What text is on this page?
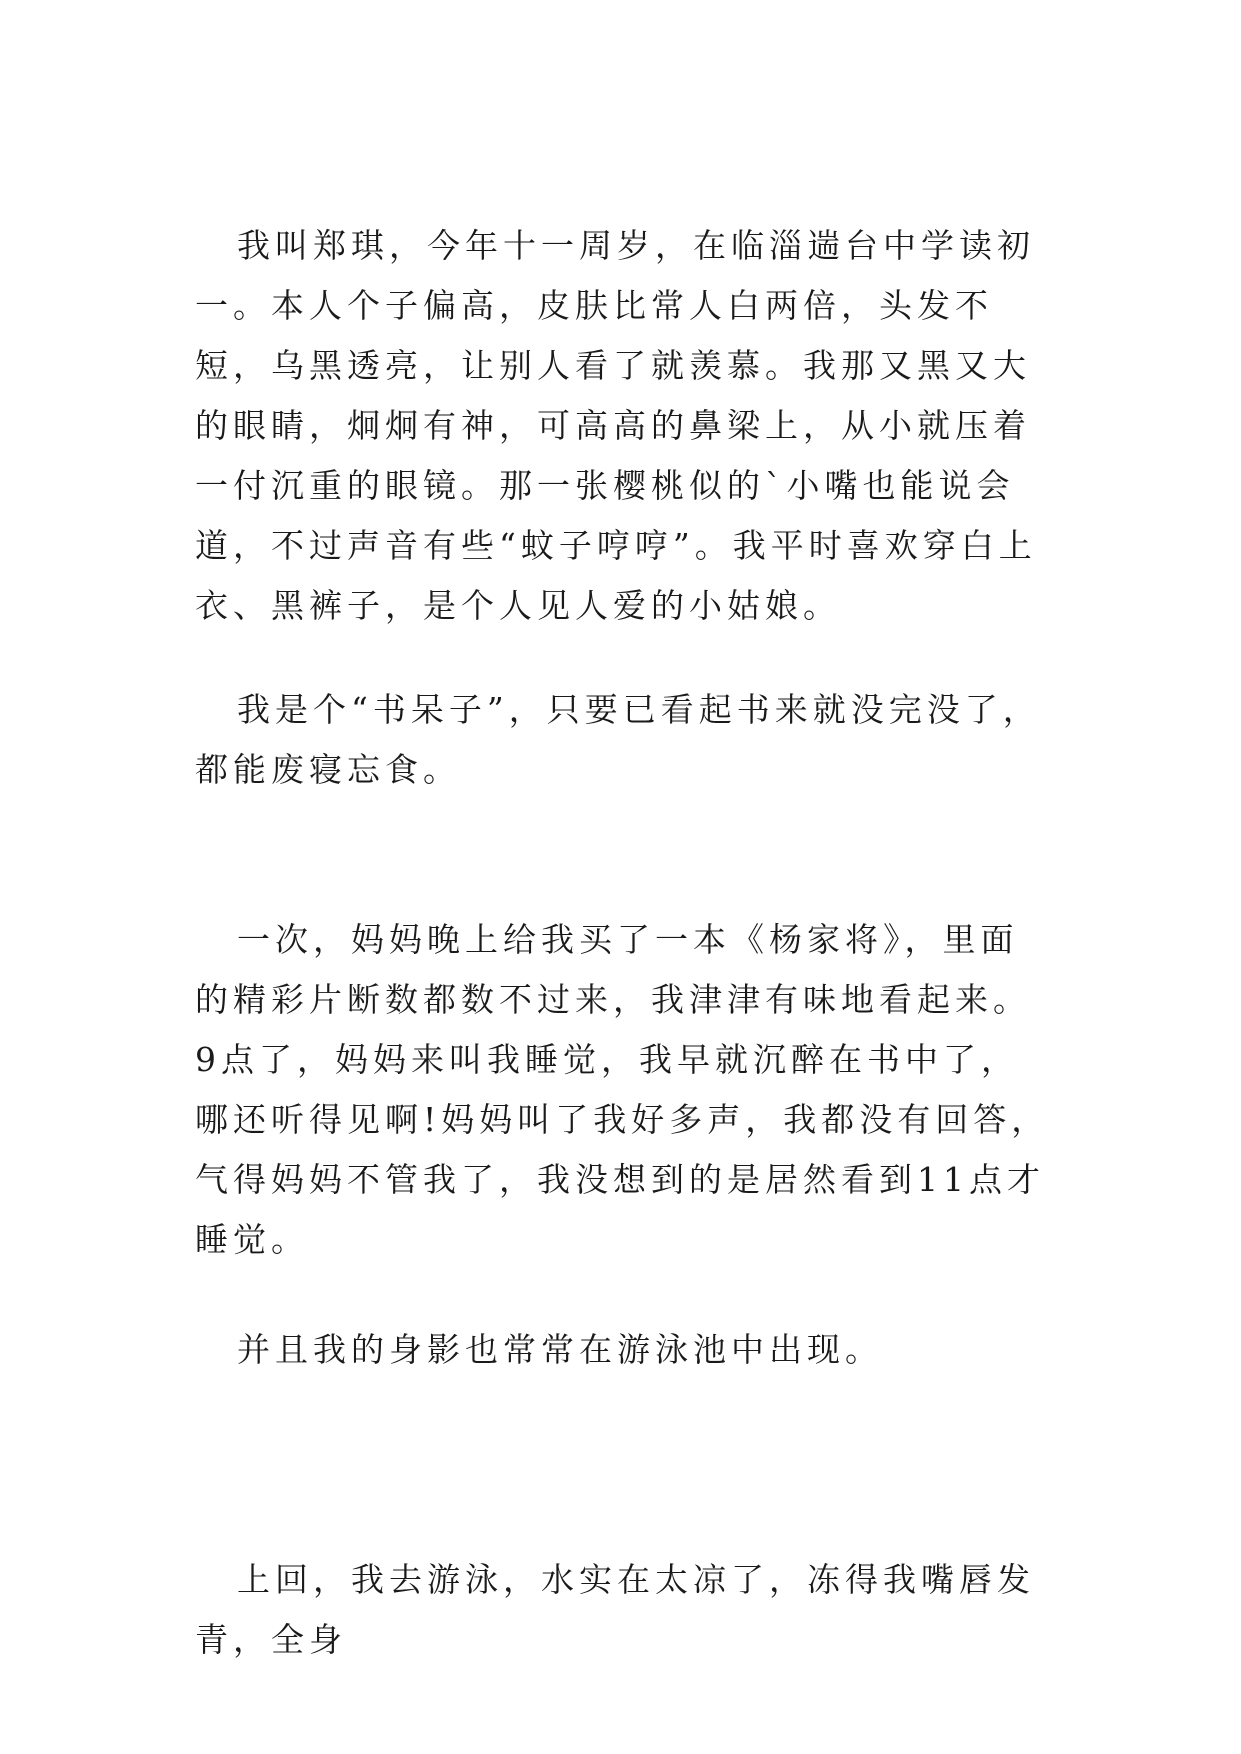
我叫郑琪，今年十一周岁，在临淄遄台中学读初一。本人个子偏高，皮肤比常人白两倍，头发不短，乌黑透亮，让别人看了就羡慕。我那又黑又大的眼睛，炯炯有神，可高高的鼻梁上，从小就压着一付沉重的眼镜。那一张樱桃似的`小嘴也能说会道，不过声音有些“蚊子哼哼”。我平时喜欢穿白上衣、黑裤子，是个人见人爱的小姑娘。

我是个“书呆子”，只要已看起书来就没完没了，都能废寝忘食。

一次，妈妈晚上给我买了一本《杨家将》，里面的精彩片断数都数不过来，我津津有味地看起来。9点了，妈妈来叫我睡觉，我早就沉醉在书中了，哪还听得见啊!妈妈叫了我好多声，我都没有回答，气得妈妈不管我了，我没想到的是居然看到11点才睡觉。

并且我的身影也常常在游泳池中出现。

上回，我去游泳，水实在太凉了，冻得我嘴唇发青，全身
